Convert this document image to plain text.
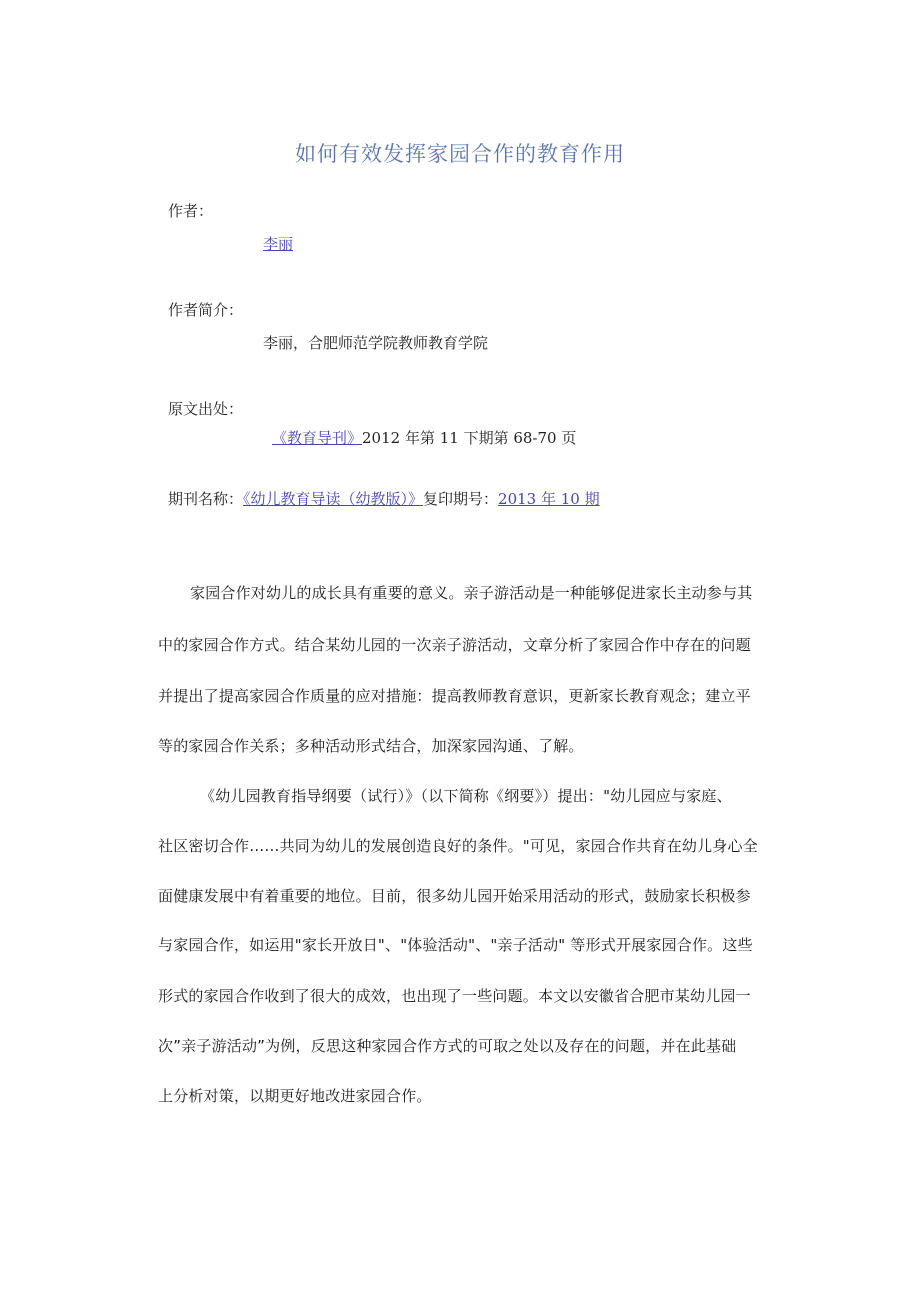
如何有效发挥家园合作的教育作用
作者：
李丽
作者简介：
李丽，合肥师范学院教师教育学院
原文出处：
《教育导刊》2012 年第 11 下期第 68-70 页
期刊名称：《幼儿教育导读（幼教版）》复印期号：2013 年 10 期
家园合作对幼儿的成长具有重要的意义。亲子游活动是一种能够促进家长主动参与其
中的家园合作方式。结合某幼儿园的一次亲子游活动，文章分析了家园合作中存在的问题
并提出了提高家园合作质量的应对措施：提高教师教育意识，更新家长教育观念；建立平
等的家园合作关系；多种活动形式结合，加深家园沟通、了解。
《幼儿园教育指导纲要（试行）》（以下简称《纲要》）提出："幼儿园应与家庭、
社区密切合作……共同为幼儿的发展创造良好的条件。"可见，家园合作共育在幼儿身心全
面健康发展中有着重要的地位。目前，很多幼儿园开始采用活动的形式，鼓励家长积极参
与家园合作，如运用"家长开放日"、"体验活动"、"亲子活动" 等形式开展家园合作。这些
形式的家园合作收到了很大的成效，也出现了一些问题。本文以安徽省合肥市某幼儿园一
次”亲子游活动”为例，反思这种家园合作方式的可取之处以及存在的问题，并在此基础
上分析对策，以期更好地改进家园合作。
